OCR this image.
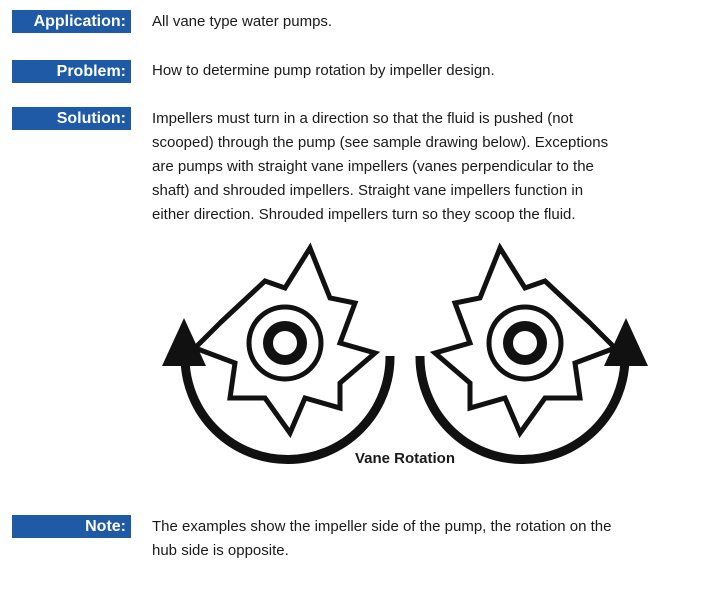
Application:	All vane type water pumps.
Problem:	How to determine pump rotation by impeller design.
Solution:	Impellers must turn in a direction so that the fluid is pushed (not
scooped) through the pump (see sample drawing below). Exceptions
are pumps with straight vane impellers (vanes perpendicular to the
shaft) and shrouded impellers. Straight vane impellers function in
either direction. Shrouded impellers turn so they scoop the fluid.
Vane Rotation
Note:	The examples show the impeller side of the pump, the rotation on the
hub side is opposite.
